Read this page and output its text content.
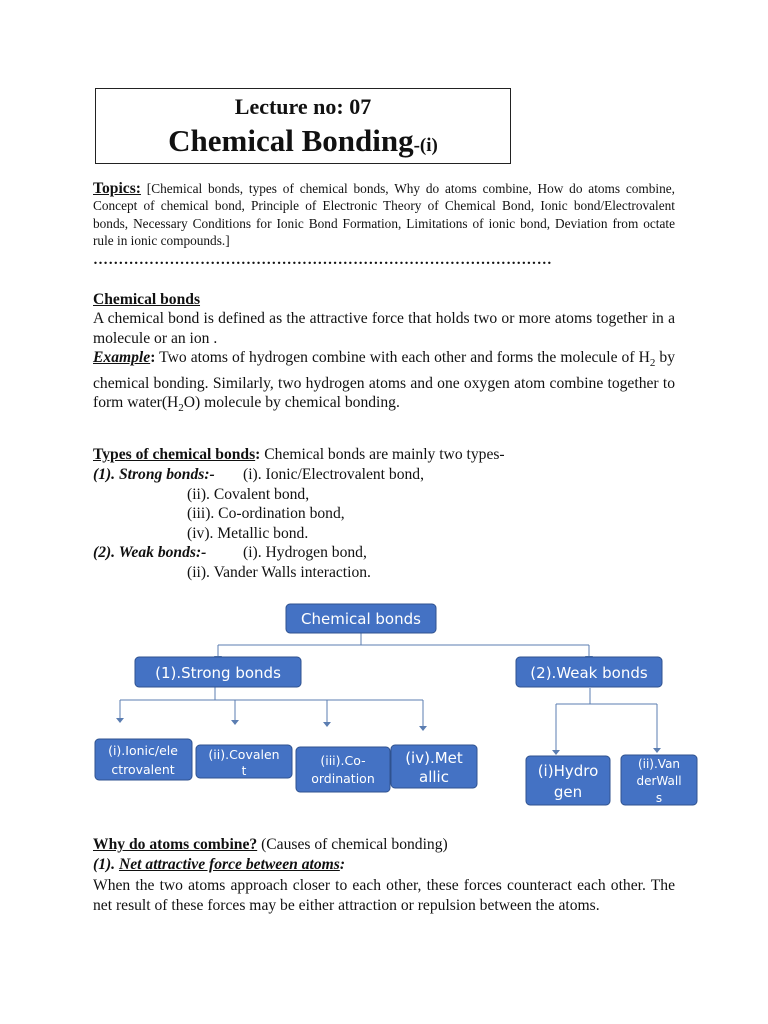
Lecture no: 07
Chemical Bonding-(i)
Topics: [Chemical bonds, types of chemical bonds, Why do atoms combine, How do atoms combine, Concept of chemical bond, Principle of Electronic Theory of Chemical Bond, Ionic bond/Electrovalent bonds, Necessary Conditions for Ionic Bond Formation, Limitations of ionic bond, Deviation from octate rule in ionic compounds.]
………………………………………………………………………………
Chemical bonds
A chemical bond is defined as the attractive force that holds two or more atoms together in a molecule or an ion .
Example: Two atoms of hydrogen combine with each other and forms the molecule of $H_2$ by chemical bonding. Similarly, two hydrogen atoms and one oxygen atom combine together to form $water(H_2O)$ molecule by chemical bonding.
Types of chemical bonds: Chemical bonds are mainly two types-
(1). Strong bonds:- (i). Ionic/Electrovalent bond,
(ii). Covalent bond,
(iii). Co-ordination bond,
(iv). Metallic bond.
(2). Weak bonds:- (i). Hydrogen bond,
(ii). Vander Walls interaction.
Chemical bonds
(1).Strong bonds	(2).Weak bonds
(i).Ionic/ele
ctrovalent
(ii).Covalen
t
(iii).Co-
ordination
(iv).Met
allic	(i)Hydro
gen
(ii).Van
derWall
s
Why do atoms combine? (Causes of chemical bonding)
(1). Net attractive force between atoms:
When the two atoms approach closer to each other, these forces counteract each other. The net result of these forces may be either attraction or repulsion between the atoms.
